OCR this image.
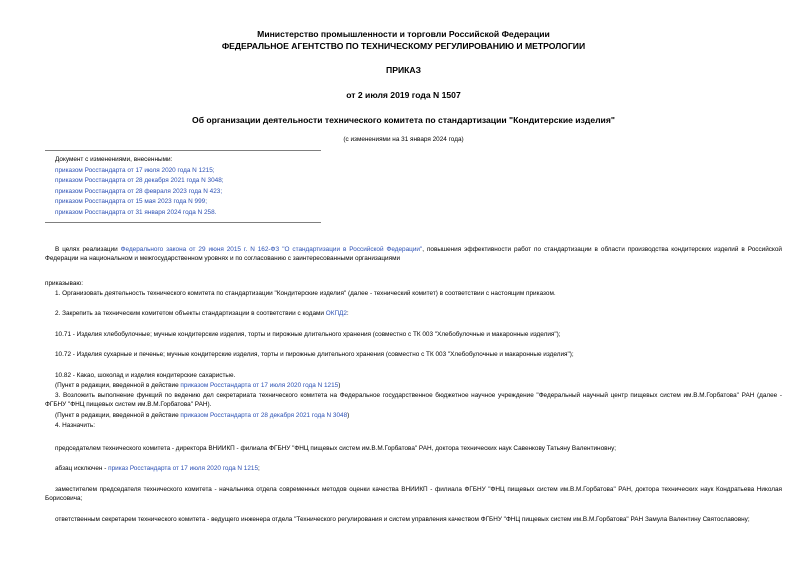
Министерство промышленности и торговли Российской Федерации

ФЕДЕРАЛЬНОЕ АГЕНТСТВО ПО ТЕХНИЧЕСКОМУ РЕГУЛИРОВАНИЮ И МЕТРОЛОГИИ

ПРИКАЗ

от 2 июля 2019 года N 1507

Об организации деятельности технического комитета по стандартизации "Кондитерские изделия"

(с изменениями на 31 января 2024 года)
Документ с изменениями, внесенными:
приказом Росстандарта от 17 июля 2020 года N 1215;
приказом Росстандарта от 28 декабря 2021 года N 3048;
приказом Росстандарта от 28 февраля 2023 года N 423;
приказом Росстандарта от 15 мая 2023 года N 999;
приказом Росстандарта от 31 января 2024 года N 258.

В целях реализации Федерального закона от 29 июня 2015 г. N 162-ФЗ "О стандартизации в Российской Федерации", повышения эффективности работ по стандартизации в области производства кондитерских изделий в Российской Федерации на национальном и межгосударственном уровнях и по согласованию с заинтересованными организациями

приказываю:

1. Организовать деятельность технического комитета по стандартизации "Кондитерские изделия" (далее - технический комитет) в соответствии с настоящим приказом.

2. Закрепить за техническим комитетом объекты стандартизации в соответствии с кодами ОКПД2:

10.71 - Изделия хлебобулочные; мучные кондитерские изделия, торты и пирожные длительного хранения (совместно с ТК 003 "Хлебобулочные и макаронные изделия");

10.72 - Изделия сухарные и печенье; мучные кондитерские изделия, торты и пирожные длительного хранения (совместно с ТК 003 "Хлебобулочные и макаронные изделия");

10.82 - Какао, шоколад и изделия кондитерские сахаристые.

(Пункт в редакции, введенной в действие приказом Росстандарта от 17 июля 2020 года N 1215)

3. Возложить выполнение функций по ведению дел секретариата технического комитета на Федеральное государственное бюджетное научное учреждение "Федеральный научный центр пищевых систем им.В.М.Горбатова" РАН (далее - ФГБНУ "ФНЦ пищевых систем им.В.М.Горбатова" РАН).

(Пункт в редакции, введенной в действие приказом Росстандарта от 28 декабря 2021 года N 3048)

4. Назначить:

председателем технического комитета - директора ВНИИКП - филиала ФГБНУ "ФНЦ пищевых систем им.В.М.Горбатова" РАН, доктора технических наук Савенкову Татьяну Валентиновну;

абзац исключен - приказ Росстандарта от 17 июля 2020 года N 1215;

заместителем председателя технического комитета - начальника отдела современных методов оценки качества ВНИИКП - филиала ФГБНУ "ФНЦ пищевых систем им.В.М.Горбатова" РАН, доктора технических наук Кондратьева Николая Борисовича;

ответственным секретарем технического комитета - ведущего инженера отдела "Технического регулирования и систем управления качеством ФГБНУ "ФНЦ пищевых систем им.В.М.Горбатова" РАН Замула Валентину Святославовну;
